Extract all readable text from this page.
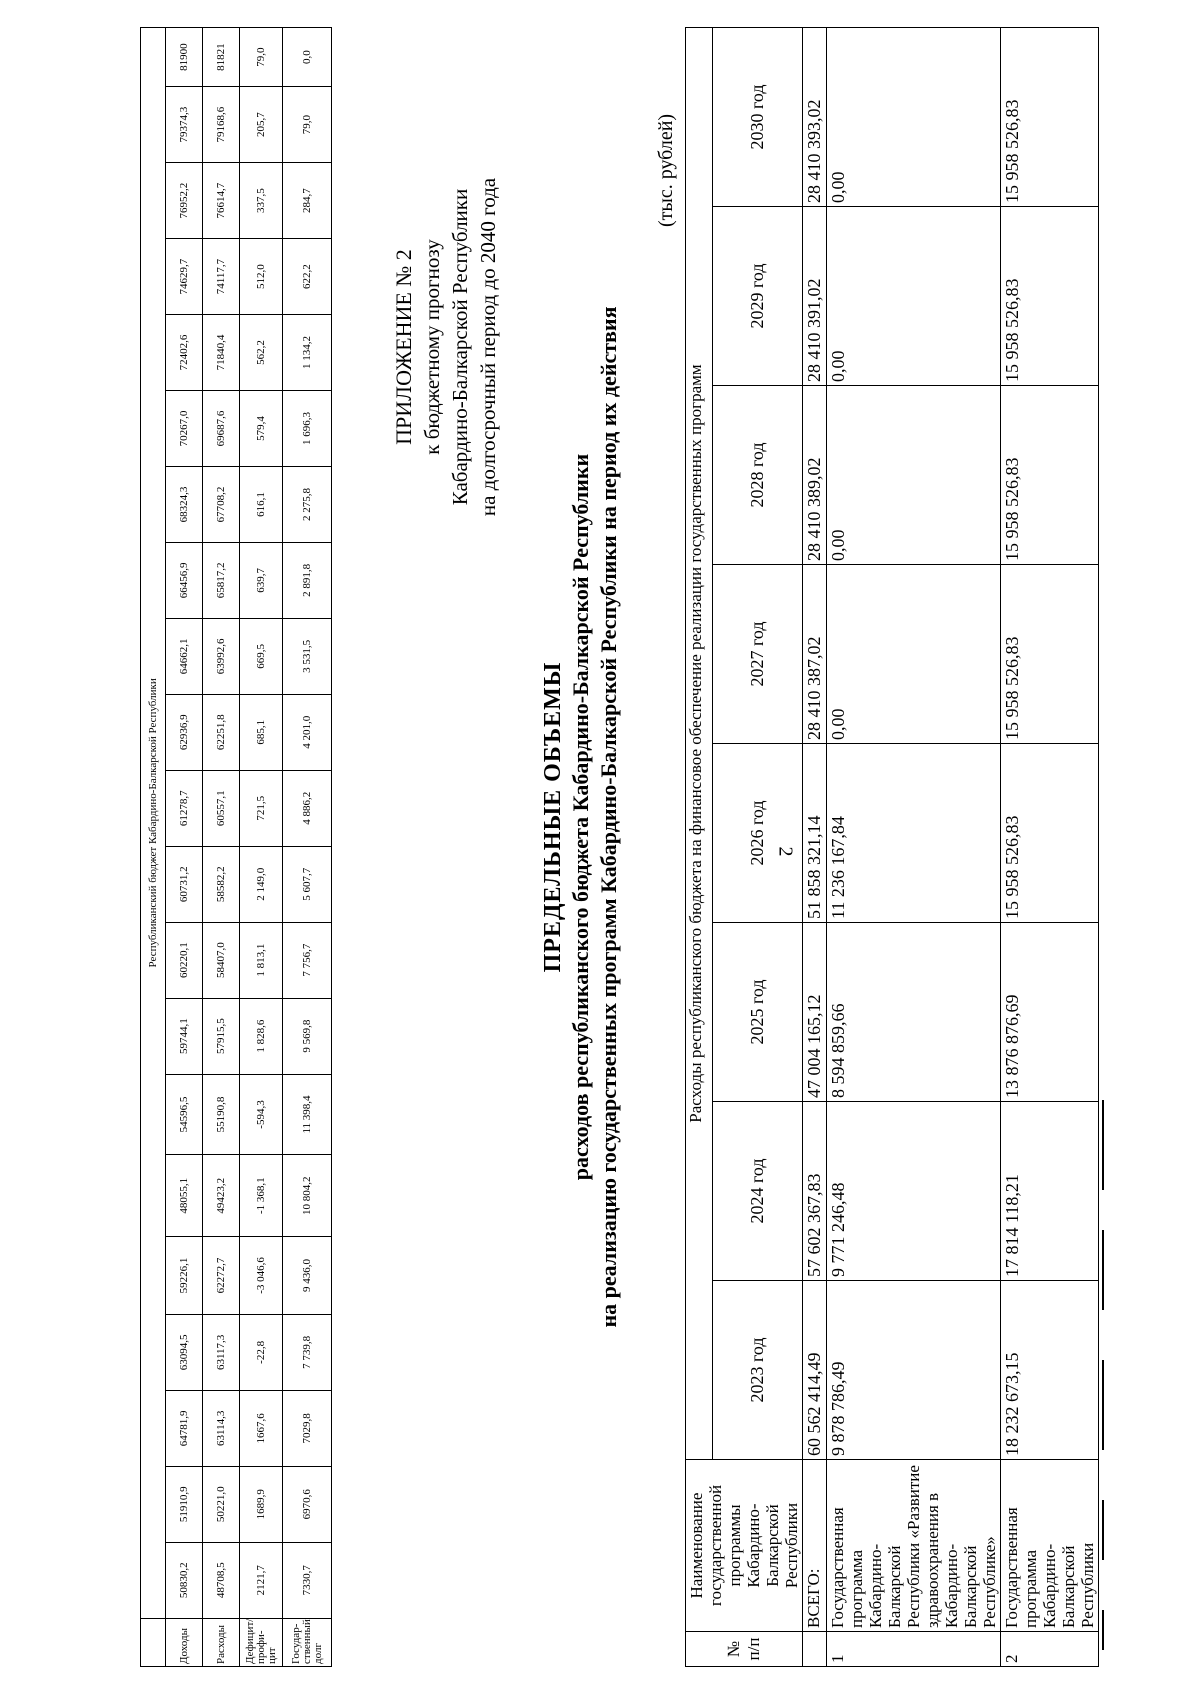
	Республиканский бюджет Кабардино-Балкарской Республики																				
Доходы	50830,2	51910,9	64781,9	63094,5	59226,1	48055,1	54596,5	59744,1	60220,1	60731,2	61278,7	62936,9	64662,1	66456,9	68324,3	70267,0	72402,6	74629,7	76952,2	79374,3	81900
Расходы	48708,5	50221,0	63114,3	63117,3	62272,7	49423,2	55190,8	57915,5	58407,0	58582,2	60557,1	62251,8	63992,6	65817,2	67708,2	69687,6	71840,4	74117,7	76614,7	79168,6	81821
Дефицит/ профи- цит	2121,7	1689,9	1667,6	-22,8	-3 046,6	-1 368,1	-594,3	1 828,6	1 813,1	2 149,0	721,5	685,1	669,5	639,7	616,1	579,4	562,2	512,0	337,5	205,7	79,0
Государ- ственный долг	7330,7	6970,6	7029,8	7 739,8	9 436,0	10 804,2	11 398,4	9 569,8	7 756,7	5 607,7	4 886,2	4 201,0	3 531,5	2 891,8	2 275,8	1 696,3	1 134,2	622,2	284,7	79,0	0,0
ПРИЛОЖЕНИЕ № 2 к бюджетному прогнозу Кабардино-Балкарской Республики на долгосрочный период до 2040 года
ПРЕДЕЛЬНЫЕ ОБЪЕМЫ расходов республиканского бюджета Кабардино-Балкарской Республики на реализацию государственных программ Кабардино-Балкарской Республики на период их действия
(тыс. рублей)
№ п/п	Наименование государственной программы Кабардино-Балкарской Республики	Расходы республиканского бюджета на финансовое обеспечение реализации государственных программ							
		2023 год	2024 год	2025 год	2026 год	2027 год	2028 год	2029 год	2030 год
	ВСЕГО:	60 562 414,49	57 602 367,83	47 004 165,12	51 858 321,14	28 410 387,02	28 410 389,02	28 410 391,02	28 410 393,02
1	Государственная программа Кабардино-Балкарской Республики «Развитие здравоохранения в Кабардино-Балкарской Республике»	9 878 786,49	9 771 246,48	8 594 859,66	11 236 167,84	0,00	0,00	0,00	0,00
2	Государственная программа Кабардино-Балкарской Республики	18 232 673,15	17 814 118,21	13 876 876,69	15 958 526,83	15 958 526,83	15 958 526,83	15 958 526,83	15 958 526,83
2
